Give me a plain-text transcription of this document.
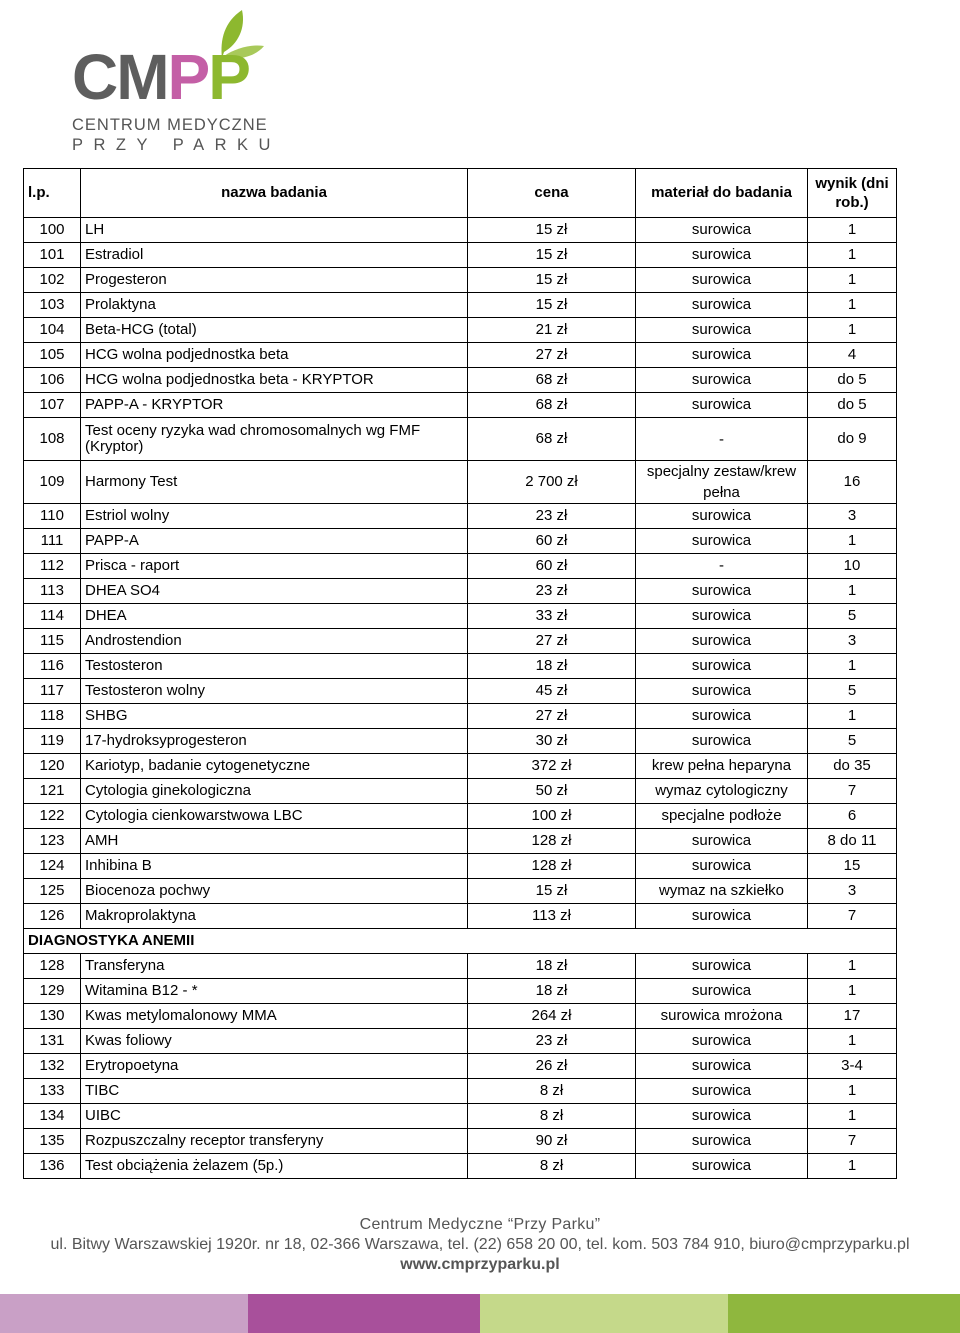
CMPP
CENTRUM MEDYCZNE
PRZY PARKU
l.p.	nazwa badania	cena	materiał do badania	wynik (dni rob.)
100	LH	15 zł	surowica	1
101	Estradiol	15 zł	surowica	1
102	Progesteron	15 zł	surowica	1
103	Prolaktyna	15 zł	surowica	1
104	Beta-HCG (total)	21 zł	surowica	1
105	HCG wolna podjednostka beta	27 zł	surowica	4
106	HCG wolna podjednostka beta - KRYPTOR	68 zł	surowica	do 5
107	PAPP-A - KRYPTOR	68 zł	surowica	do 5
108	Test oceny ryzyka wad chromosomalnych wg FMF (Kryptor)	68 zł	-	do 9
109	Harmony Test	2 700 zł	specjalny zestaw/krew pełna	16
110	Estriol wolny	23 zł	surowica	3
111	PAPP-A	60 zł	surowica	1
112	Prisca - raport	60 zł	-	10
113	DHEA SO4	23 zł	surowica	1
114	DHEA	33 zł	surowica	5
115	Androstendion	27 zł	surowica	3
116	Testosteron	18 zł	surowica	1
117	Testosteron wolny	45 zł	surowica	5
118	SHBG	27 zł	surowica	1
119	17-hydroksyprogesteron	30 zł	surowica	5
120	Kariotyp, badanie cytogenetyczne	372 zł	krew pełna heparyna	do 35
121	Cytologia ginekologiczna	50 zł	wymaz cytologiczny	7
122	Cytologia cienkowarstwowa LBC	100 zł	specjalne podłoże	6
123	AMH	128 zł	surowica	8 do 11
124	Inhibina B	128 zł	surowica	15
125	Biocenoza pochwy	15 zł	wymaz na szkiełko	3
126	Makroprolaktyna	113 zł	surowica	7
DIAGNOSTYKA ANEMII				
128	Transferyna	18 zł	surowica	1
129	Witamina B12 - *	18 zł	surowica	1
130	Kwas metylomalonowy MMA	264 zł	surowica mrożona	17
131	Kwas foliowy	23 zł	surowica	1
132	Erytropoetyna	26 zł	surowica	3-4
133	TIBC	8 zł	surowica	1
134	UIBC	8 zł	surowica	1
135	Rozpuszczalny receptor transferyny	90 zł	surowica	7
136	Test obciążenia żelazem (5p.)	8 zł	surowica	1
Centrum Medyczne “Przy Parku”
ul. Bitwy Warszawskiej 1920r. nr 18, 02-366 Warszawa, tel. (22) 658 20 00, tel. kom. 503 784 910, biuro@cmprzyparku.pl
www.cmprzyparku.pl
